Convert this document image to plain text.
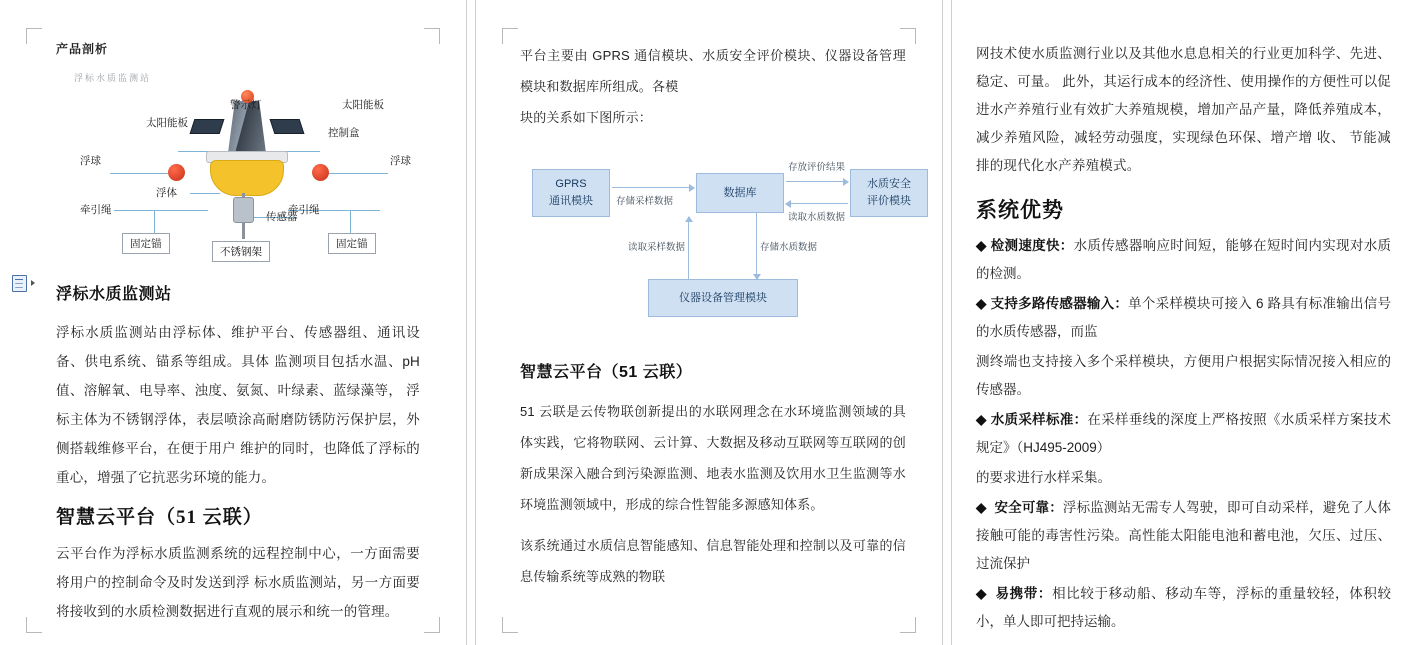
产品剖析
浮标水质监测站
警示灯	太阳能板
太阳能板
控制盒
浮球	浮球
牵引绳	牵引绳
浮体
传感器
固定锚
不锈钢架
固定锚
浮标水质监测站

浮标水质监测站由浮标体、维护平台、传感器组、通讯设备、供电系统、锚系等组成。具体 监测项目包括水温、pH 值、溶解氧、电导率、浊度、氨氮、叶绿素、蓝绿藻等， 浮标主体为不锈钢浮体，表层喷涂高耐磨防锈防污保护层，外侧搭载维修平台，在便于用户 维护的同时，也降低了浮标的重心，增强了它抗恶劣环境的能力。

智慧云平台（51 云联）

云平台作为浮标水质监测系统的远程控制中心，一方面需要将用户的控制命令及时发送到浮 标水质监测站，另一方面要将接收到的水质检测数据进行直观的展示和统一的管理。

平台主要由 GPRS 通信模块、水质安全评价模块、仪器设备管理模块和数据库所组成。各模

块的关系如下图所示：

GPRS
通讯模块
数据库
水质安全
评价模块
仪器设备管理模块
存储采样数据
存放评价结果
读取水质数据
读取采样数据	存储水质数据
智慧云平台（51 云联）

51 云联是云传物联创新提出的水联网理念在水环境监测领域的具体实践，它将物联网、云计算、大数据及移动互联网等互联网的创新成果深入融合到污染源监测、地表水监测及饮用水卫生监测等水环境监测领域中，形成的综合性智能多源感知体系。

该系统通过水质信息智能感知、信息智能处理和控制以及可靠的信息传输系统等成熟的物联

网技术使水质监测行业以及其他水息息相关的行业更加科学、先进、稳定、可量。 此外，其运行成本的经济性、使用操作的方便性可以促进水产养殖行业有效扩大养殖规模，增加产品产量，降低养殖成本，减少养殖风险，减轻劳动强度，实现绿色环保、增产增 收、 节能减排的现代化水产养殖模式。

系统优势
◆ 检测速度快：水质传感器响应时间短，能够在短时间内实现对水质的检测。
◆ 支持多路传感器输入：单个采样模块可接入 6 路具有标准输出信号的水质传感器，而监
测终端也支持接入多个采样模块，方便用户根据实际情况接入相应的传感器。
◆ 水质采样标准：在采样垂线的深度上严格按照《水质采样方案技术规定》（HJ495-2009）
的要求进行水样采集。
◆ 安全可靠：浮标监测站无需专人驾驶，即可自动采样，避免了人体接触可能的毒害性污染。高性能太阳能电池和蓄电池，欠压、过压、过流保护
◆ 易携带：相比较于移动船、移动车等，浮标的重量较轻，体积较小，单人即可把持运输。
